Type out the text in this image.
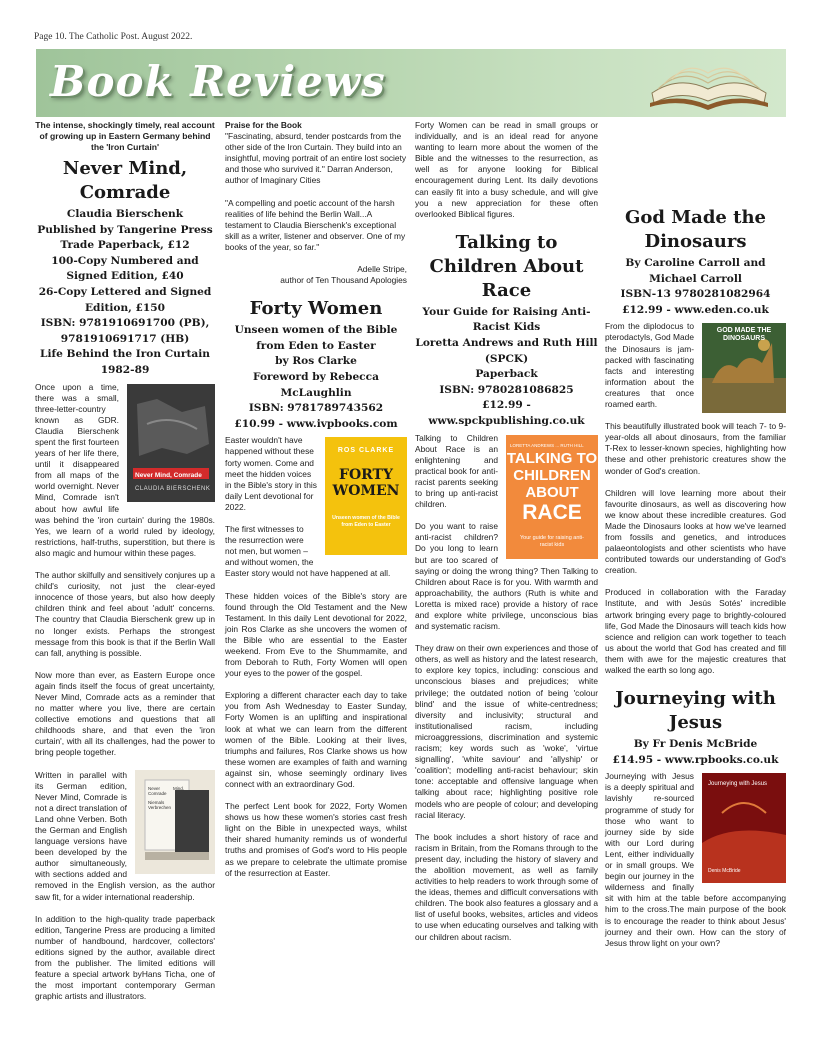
Page 10. The Catholic Post. August 2022.
Book Reviews
The intense, shockingly timely, real account of growing up in Eastern Germany behind the 'Iron Curtain'
Never Mind, Comrade
Claudia Bierschenk
Published by Tangerine Press
Trade Paperback, £12
100-Copy Numbered and Signed Edition, £40
26-Copy Lettered and Signed Edition, £150
ISBN: 9781910691700 (PB), 9781910691717 (HB)
Life Behind the Iron Curtain 1982-89
Never Mind, Comrade
CLAUDIA BIERSCHENK

Once upon a time, there was a small, three-letter-country known as GDR. Claudia Bierschenk spent the first fourteen years of her life there, until it disappeared from all maps of the world overnight. Never Mind, Comrade isn't about how awful life was behind the 'iron curtain' during the 1980s. Yes, we learn of a world ruled by ideology, restrictions, half-truths, superstition, but there is also magic and humour within these pages.

The author skilfully and sensitively conjures up a child's curiosity, not just the clear-eyed innocence of those years, but also how deeply children think and feel about 'adult' concerns. The country that Claudia Bierschenk grew up in no longer exists. Perhaps the strongest message from this book is that if the Berlin Wall can fall, anything is possible.

Now more than ever, as Eastern Europe once again finds itself the focus of great uncertainty, Never Mind, Comrade acts as a reminder that no matter where you live, there are certain collective emotions and questions that all childhoods share, and that even the 'iron curtain', with all its challenges, had the power to bring people together.

Never Mind, Comrade
Niemals Verbrechen

Written in parallel with its German edition, Never Mind, Comrade is not a direct translation of Land ohne Verben. Both the German and English language versions have been developed by the author simultaneously, with sections added and removed in the English version, as the author saw fit, for a wider international readership.

In addition to the high-quality trade paperback edition, Tangerine Press are producing a limited number of handbound, hardcover, collectors' editions signed by the author, available direct from the publisher. The limited editions will feature a special artwork byHans Ticha, one of the most important contemporary German graphic artists and illustrators.

Praise for the Book

"Fascinating, absurd, tender postcards from the other side of the Iron Curtain. They build into an insightful, moving portrait of an entire lost society and those who survived it." Darran Anderson, author of Imaginary Cities

"A compelling and poetic account of the harsh realities of life behind the Berlin Wall...A testament to Claudia Bierschenk's exceptional skill as a writer, listener and observer. One of my books of the year, so far."

Adelle Stripe,
author of Ten Thousand Apologies
Forty Women
Unseen women of the Bible from Eden to Easter
by Ros Clarke
Foreword by Rebecca McLaughlin
ISBN: 9781789743562
£10.99 - www.ivpbooks.com
ROS CLARKE
FORTY WOMEN
Unseen women of the Bible from Eden to Easter

Easter wouldn't have happened without these forty women. Come and meet the hidden voices in the Bible's story in this daily Lent devotional for 2022.

The first witnesses to the resurrection were not men, but women – and without women, the Easter story would not have happened at all.

These hidden voices of the Bible's story are found through the Old Testament and the New Testament. In this daily Lent devotional for 2022, join Ros Clarke as she uncovers the women of the Bible who are essential to the Easter weekend. From Eve to the Shummamite, and from Deborah to Ruth, Forty Women will open your eyes to the power of the gospel.

Exploring a different character each day to take you from Ash Wednesday to Easter Sunday, Forty Women is an uplifting and inspirational look at what we can learn from the different women of the Bible. Looking at their lives, triumphs and failures, Ros Clarke shows us how these women are examples of faith and warning against sin, whose seemingly ordinary lives connect with an extraordinary God.

The perfect Lent book for 2022, Forty Women shows us how these women's stories cast fresh light on the Bible in unexpected ways, whilst their shared humanity reminds us of wonderful truths and promises of God's word to His people as we prepare to celebrate the ultimate promise of the resurrection at Easter.

Forty Women can be read in small groups or individually, and is an ideal read for anyone wanting to learn more about the women of the Bible and the witnesses to the resurrection, as well as for anyone looking for Biblical encouragement during Lent. Its daily devotions can easily fit into a busy schedule, and will give you a new appreciation for these often overlooked Biblical figures.

Talking to Children About Race
Your Guide for Raising Anti-Racist Kids
Loretta Andrews and Ruth Hill (SPCK)
Paperback
ISBN: 9780281086825
£12.99 -
www.spckpublishing.co.uk
LORETTA ANDREWS ... RUTH HILL
TALKING TO
CHILDREN
ABOUT
RACE
Your guide for raising anti-racist kids

Talking to Children About Race is an enlightening and practical book for anti-racist parents seeking to bring up anti-racist children.

Do you want to raise anti-racist children? Do you long to learn but are too scared of saying or doing the wrong thing? Then Talking to Children about Race is for you. With warmth and approachability, the authors (Ruth is white and Loretta is mixed race) provide a history of race and explore white privilege, unconscious bias and systematic racism.

They draw on their own experiences and those of others, as well as history and the latest research, to explore key topics, including: conscious and unconscious biases and prejudices; white privilege; the outdated notion of being 'colour blind' and the issue of white-centredness; diversity and inclusivity; structural and institutionalised racism, including microaggressions, discrimination and systemic racism; key words such as 'woke', 'virtue signalling', 'white saviour' and 'allyship' or 'coalition'; modelling anti-racist behaviour; skin tone: acceptable and offensive language when talking about race; highlighting positive role models who are people of colour; and developing racial literacy.

The book includes a short history of race and racism in Britain, from the Romans through to the present day, including the history of slavery and the abolition movement, as well as family activities to help readers to work through some of the ideas, themes and difficult conversations with children. The book also features a glossary and a list of useful books, websites, articles and videos to use when educating ourselves and talking with our children about racism.

God Made the Dinosaurs
By Caroline Carroll and Michael Carroll
ISBN-13 9780281082964
£12.99 - www.eden.co.uk
GOD MADE THE DINOSAURS

From the diplodocus to pterodactyls, God Made the Dinosaurs is jam-packed with fascinating facts and interesting information about the creatures that once roamed earth.

This beautifully illustrated book will teach 7- to 9-year-olds all about dinosaurs, from the familiar T-Rex to lesser-known species, highlighting how these and other prehistoric creatures show the wonder of God's creation.

Children will love learning more about their favourite dinosaurs, as well as discovering how we know about these incredible creatures. God Made the Dinosaurs looks at how we've learned from fossils and genetics, and introduces palaeontologists and other scientists who have contributed towards our understanding of God's creation.

Produced in collaboration with the Faraday Institute, and with Jesús Sotés' incredible artwork bringing every page to brightly-coloured life, God Made the Dinosaurs will teach kids how science and religion can work together to teach us about the world that God has created and fill them with awe for the majestic creatures that walked the earth so long ago.

Journeying with Jesus
By Fr Denis McBride
£14.95 - www.rpbooks.co.uk
Journeying with Jesus
Denis McBride

Journeying with Jesus is a deeply spiritual and lavishly re-sourced programme of study for those who want to journey side by side with our Lord during Lent, either individually or in small groups. We begin our journey in the wilderness and finally sit with him at the table before accompanying him to the cross.The main purpose of the book is to encourage the reader to think about Jesus' journey and their own. How can the story of Jesus throw light on your own?
